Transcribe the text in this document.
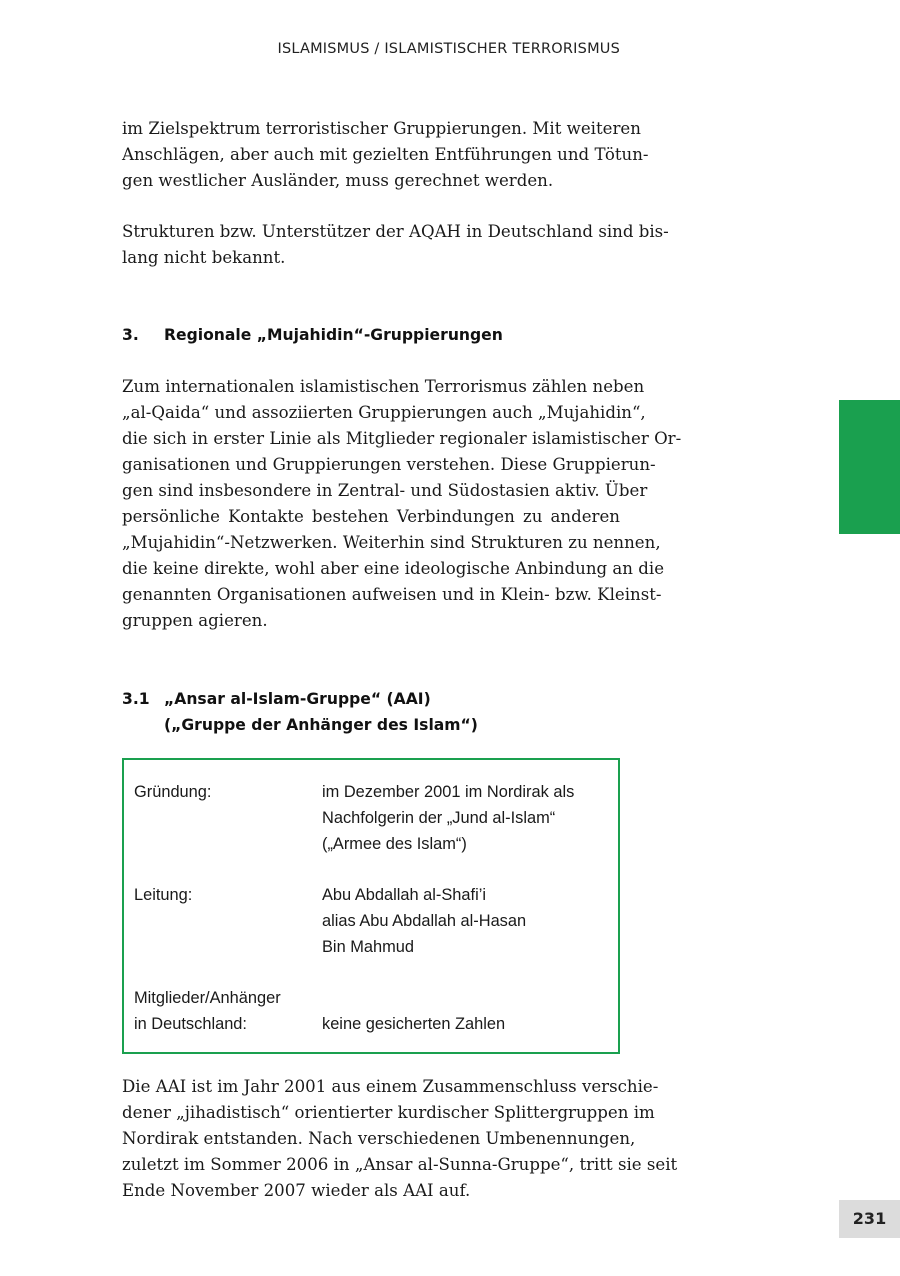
ISLAMISMUS / ISLAMISTISCHER TERRORISMUS

im Zielspektrum terroristischer Gruppierungen. Mit weiteren
Anschlägen, aber auch mit gezielten Entführungen und Tötun-
gen westlicher Ausländer, muss gerechnet werden.

Strukturen bzw. Unterstützer der AQAH in Deutschland sind bis-
lang nicht bekannt.

3. Regionale „Mujahidin“-Gruppierungen

Zum internationalen islamistischen Terrorismus zählen neben
„al-Qaida“ und assoziierten Gruppierungen auch „Mujahidin“,
die sich in erster Linie als Mitglieder regionaler islamistischer Or-
ganisationen und Gruppierungen verstehen. Diese Gruppierun-
gen sind insbesondere in Zentral- und Südostasien aktiv. Über
persönliche Kontakte bestehen Verbindungen zu anderen
„Mujahidin“-Netzwerken. Weiterhin sind Strukturen zu nennen,
die keine direkte, wohl aber eine ideologische Anbindung an die
genannten Organisationen aufweisen und in Klein- bzw. Kleinst-
gruppen agieren.

3.1 „Ansar al-Islam-Gruppe“ (AAI)
(„Gruppe der Anhänger des Islam“)
Gründung:	im Dezember 2001 im Nordirak als
Nachfolgerin der „Jund al-Islam“
(„Armee des Islam“)
Leitung:	Abu Abdallah al-Shafi’i
alias Abu Abdallah al-Hasan
Bin Mahmud
Mitglieder/Anhänger
in Deutschland:	keine gesicherten Zahlen

Die AAI ist im Jahr 2001 aus einem Zusammenschluss verschie-
dener „jihadistisch“ orientierter kurdischer Splittergruppen im
Nordirak entstanden. Nach verschiedenen Umbenennungen,
zuletzt im Sommer 2006 in „Ansar al-Sunna-Gruppe“, tritt sie seit
Ende November 2007 wieder als AAI auf.

231
